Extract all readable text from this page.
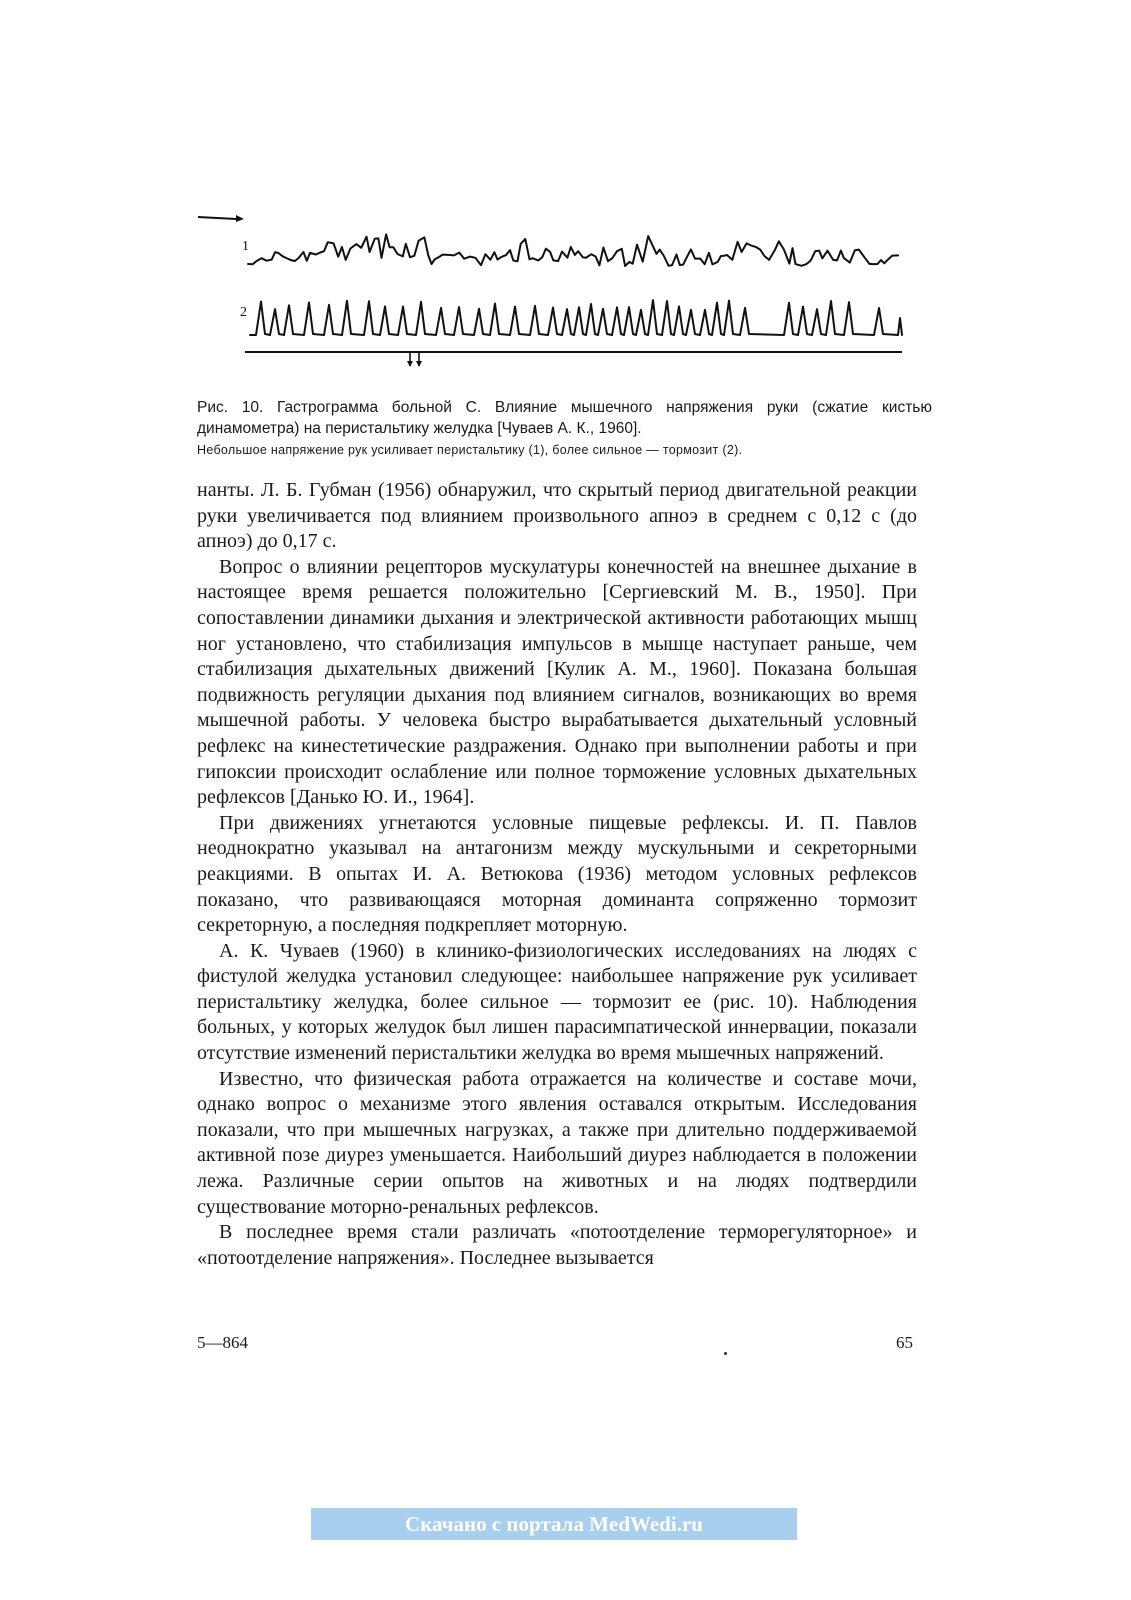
1
2

Рис. 10. Гастрограмма больной С. Влияние мышечного напряжения руки (сжатие кистью динамометра) на перистальтику желудка [Чуваев А. К., 1960].

Небольшое напряжение рук усиливает перистальтику (1), более сильное — тормозит (2).

нанты. Л. Б. Губман (1956) обнаружил, что скрытый период двигательной реакции руки увеличивается под влиянием произвольного апноэ в среднем с 0,12 с (до апноэ) до 0,17 с.

Вопрос о влиянии рецепторов мускулатуры конечностей на внешнее дыхание в настоящее время решается положительно [Сергиевский М. В., 1950]. При сопоставлении динамики дыхания и электрической активности работающих мышц ног установлено, что стабилизация импульсов в мышце наступает раньше, чем стабилизация дыхательных движений [Кулик А. М., 1960]. Показана большая подвижность регуляции дыхания под влиянием сигналов, возникающих во время мышечной работы. У человека быстро вырабатывается дыхательный условный рефлекс на кинестетические раздражения. Однако при выполнении работы и при гипоксии происходит ослабление или полное торможение условных дыхательных рефлексов [Данько Ю. И., 1964].

При движениях угнетаются условные пищевые рефлексы. И. П. Павлов неоднократно указывал на антагонизм между мускульными и секреторными реакциями. В опытах И. А. Ветюкова (1936) методом условных рефлексов показано, что развивающаяся моторная доминанта сопряженно тормозит секреторную, а последняя подкрепляет моторную.

А. К. Чуваев (1960) в клинико-физиологических исследованиях на людях с фистулой желудка установил следующее: наибольшее напряжение рук усиливает перистальтику желудка, более сильное — тормозит ее (рис. 10). Наблюдения больных, у которых желудок был лишен парасимпатической иннервации, показали отсутствие изменений перистальтики желудка во время мышечных напряжений.

Известно, что физическая работа отражается на количестве и составе мочи, однако вопрос о механизме этого явления оставался открытым. Исследования показали, что при мышечных нагрузках, а также при длительно поддерживаемой активной позе диурез уменьшается. Наибольший диурез наблюдается в положении лежа. Различные серии опытов на животных и на людях подтвердили существование моторно-ренальных рефлексов.

В последнее время стали различать «потоотделение терморегуляторное» и «потоотделение напряжения». Последнее вызывается

5—864	65
Скачано с портала MedWedi.ru
